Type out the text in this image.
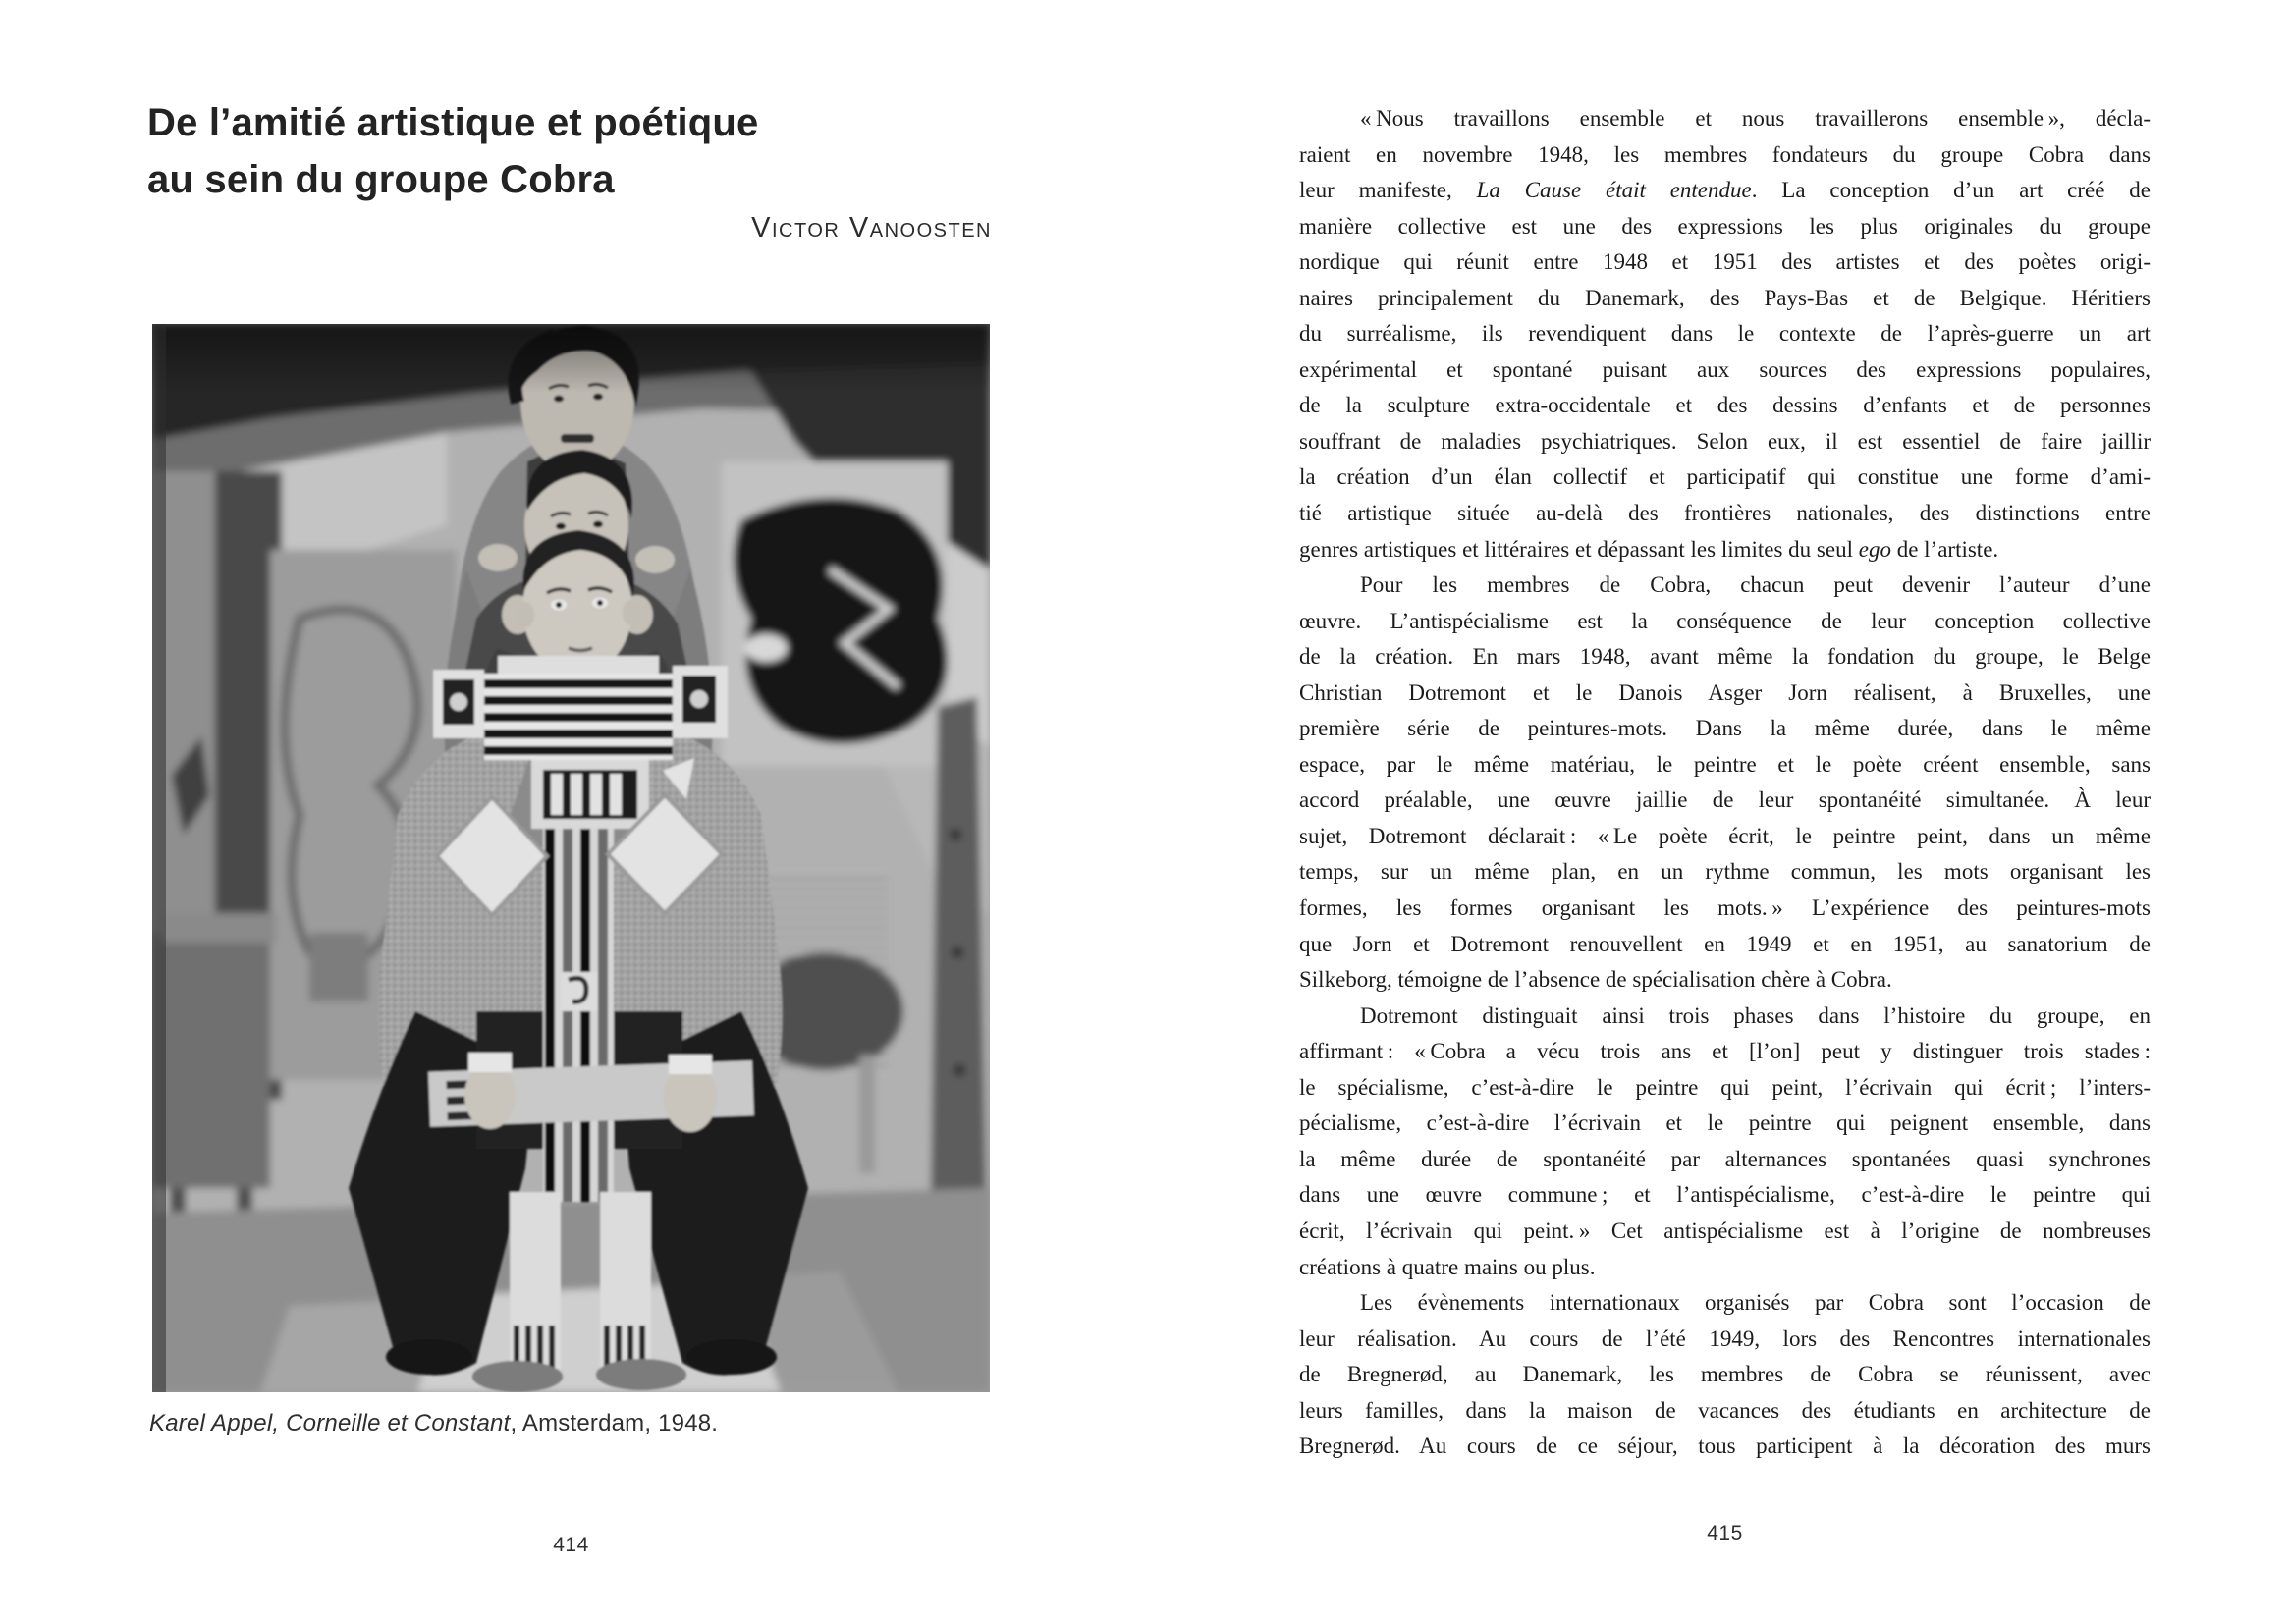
De l’amitié artistique et poétique
au sein du groupe Cobra
Victor Vanoosten
Karel Appel, Corneille et Constant, Amsterdam, 1948.
414
« Nous travaillons ensemble et nous travaillerons ensemble », décla-
raient en novembre 1948, les membres fondateurs du groupe Cobra dans
leur manifeste, La Cause était entendue. La conception d’un art créé de
manière collective est une des expressions les plus originales du groupe
nordique qui réunit entre 1948 et 1951 des artistes et des poètes origi-
naires principalement du Danemark, des Pays-Bas et de Belgique. Héritiers
du surréalisme, ils revendiquent dans le contexte de l’après-guerre un art
expérimental et spontané puisant aux sources des expressions populaires,
de la sculpture extra-occidentale et des dessins d’enfants et de personnes
souffrant de maladies psychiatriques. Selon eux, il est essentiel de faire jaillir
la création d’un élan collectif et participatif qui constitue une forme d’ami-
tié artistique située au-delà des frontières nationales, des distinctions entre
genres artistiques et littéraires et dépassant les limites du seul ego de l’artiste.
Pour les membres de Cobra, chacun peut devenir l’auteur d’une
œuvre. L’antispécialisme est la conséquence de leur conception collective
de la création. En mars 1948, avant même la fondation du groupe, le Belge
Christian Dotremont et le Danois Asger Jorn réalisent, à Bruxelles, une
première série de peintures-mots. Dans la même durée, dans le même
espace, par le même matériau, le peintre et le poète créent ensemble, sans
accord préalable, une œuvre jaillie de leur spontanéité simultanée. À leur
sujet, Dotremont déclarait : « Le poète écrit, le peintre peint, dans un même
temps, sur un même plan, en un rythme commun, les mots organisant les
formes, les formes organisant les mots. » L’expérience des peintures-mots
que Jorn et Dotremont renouvellent en 1949 et en 1951, au sanatorium de
Silkeborg, témoigne de l’absence de spécialisation chère à Cobra.
Dotremont distinguait ainsi trois phases dans l’histoire du groupe, en
affirmant : « Cobra a vécu trois ans et [l’on] peut y distinguer trois stades :
le spécialisme, c’est-à-dire le peintre qui peint, l’écrivain qui écrit ; l’inters-
pécialisme, c’est-à-dire l’écrivain et le peintre qui peignent ensemble, dans
la même durée de spontanéité par alternances spontanées quasi synchrones
dans une œuvre commune ; et l’antispécialisme, c’est-à-dire le peintre qui
écrit, l’écrivain qui peint. » Cet antispécialisme est à l’origine de nombreuses
créations à quatre mains ou plus.
Les évènements internationaux organisés par Cobra sont l’occasion de
leur réalisation. Au cours de l’été 1949, lors des Rencontres internationales
de Bregnerød, au Danemark, les membres de Cobra se réunissent, avec
leurs familles, dans la maison de vacances des étudiants en architecture de
Bregnerød. Au cours de ce séjour, tous participent à la décoration des murs
415
